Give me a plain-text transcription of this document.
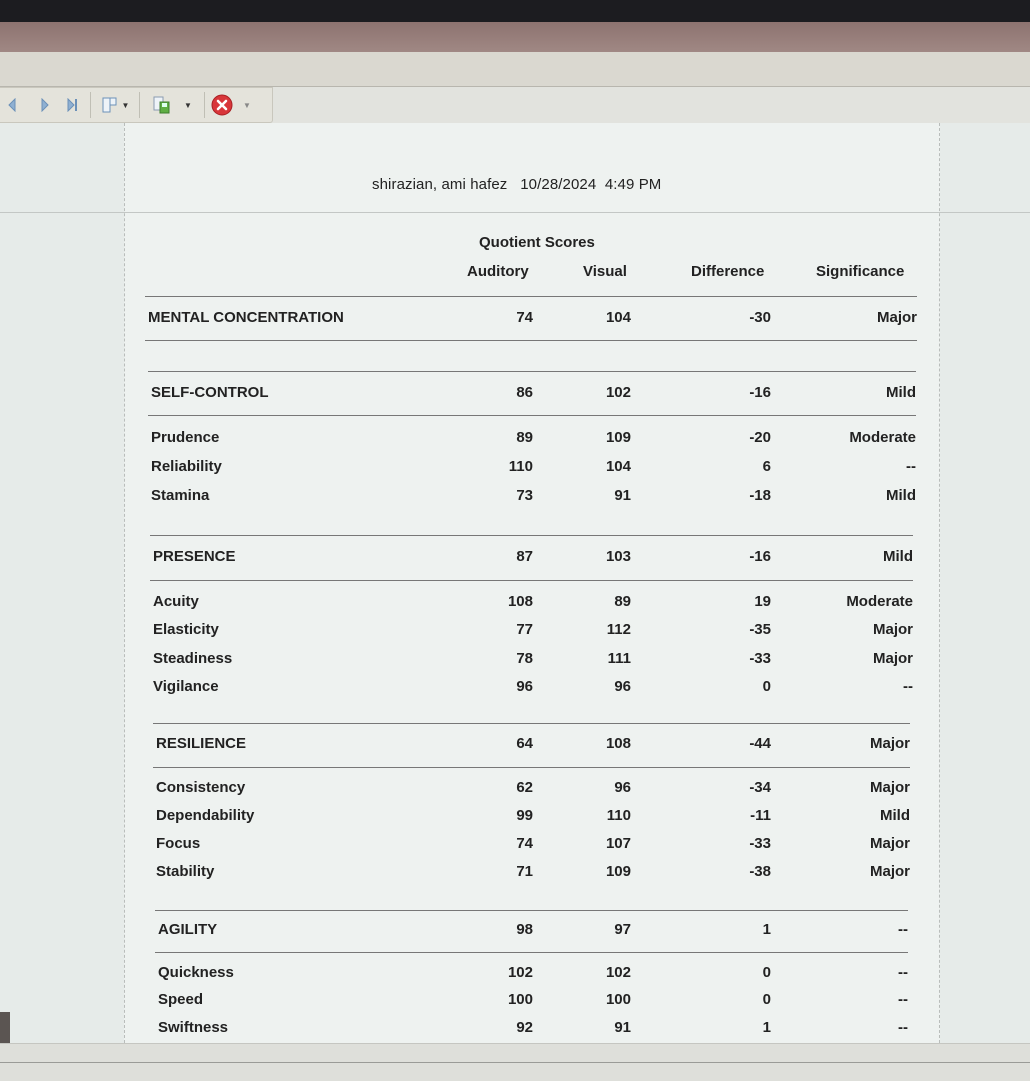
▼	▼	▼
shirazian, ami hafez 10/28/2024 4:49 PM
Quotient Scores
Auditory	Visual	Difference	Significance
MENTAL CONCENTRATION	74	104	-30	Major
SELF-CONTROL	86	102	-16	Mild
Prudence	89	109	-20	Moderate
Reliability	110	104	6	--
Stamina	73	91	-18	Mild
PRESENCE	87	103	-16	Mild
Acuity	108	89	19	Moderate
Elasticity	77	112	-35	Major
Steadiness	78	111	-33	Major
Vigilance	96	96	0	--
RESILIENCE	64	108	-44	Major
Consistency	62	96	-34	Major
Dependability	99	110	-11	Mild
Focus	74	107	-33	Major
Stability	71	109	-38	Major
AGILITY	98	97	1	--
Quickness	102	102	0	--
Speed	100	100	0	--
Swiftness	92	91	1	--
